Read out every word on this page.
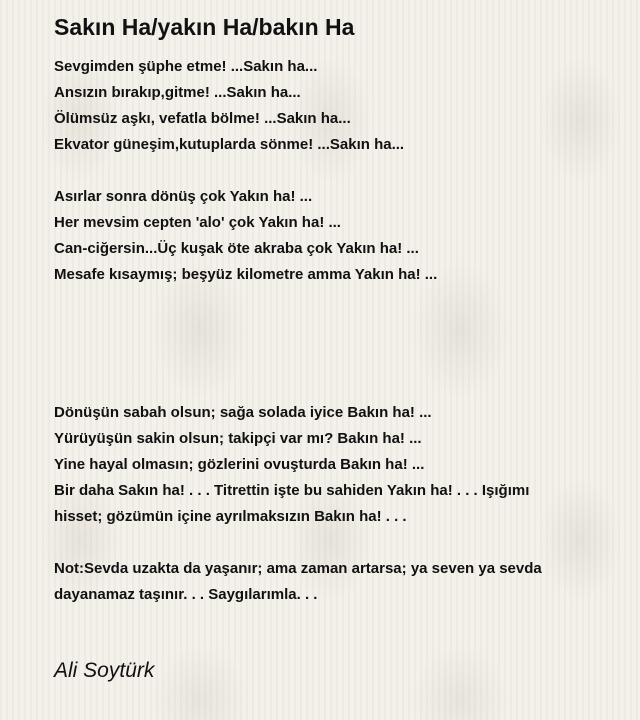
Sakın Ha/yakın Ha/bakın Ha
Sevgimden şüphe etme! ...Sakın ha...
Ansızın bırakıp,gitme! ...Sakın ha...
Ölümsüz aşkı, vefatla bölme! ...Sakın ha...
Ekvator güneşim,kutuplarda sönme! ...Sakın ha...
Asırlar sonra dönüş çok Yakın ha! ...
Her mevsim cepten 'alo' çok Yakın ha! ...
Can-ciğersin...Üç kuşak öte akraba çok Yakın ha! ...
Mesafe kısaymış; beşyüz kilometre amma Yakın ha! ...
Dönüşün sabah olsun; sağa solada iyice Bakın ha! ...
Yürüyüşün sakin olsun; takipçi var mı? Bakın ha! ...
Yine hayal olmasın; gözlerini ovuşturda Bakın ha! ...
Bir daha Sakın ha! . . . Titrettin işte bu sahiden Yakın ha! . . . Işığımı
hisset; gözümün içine ayrılmaksızın Bakın ha! . . .
Not:Sevda uzakta da yaşanır; ama zaman artarsa; ya seven ya sevda
dayanamaz taşınır. . . Saygılarımla. . .
Ali Soytürk
